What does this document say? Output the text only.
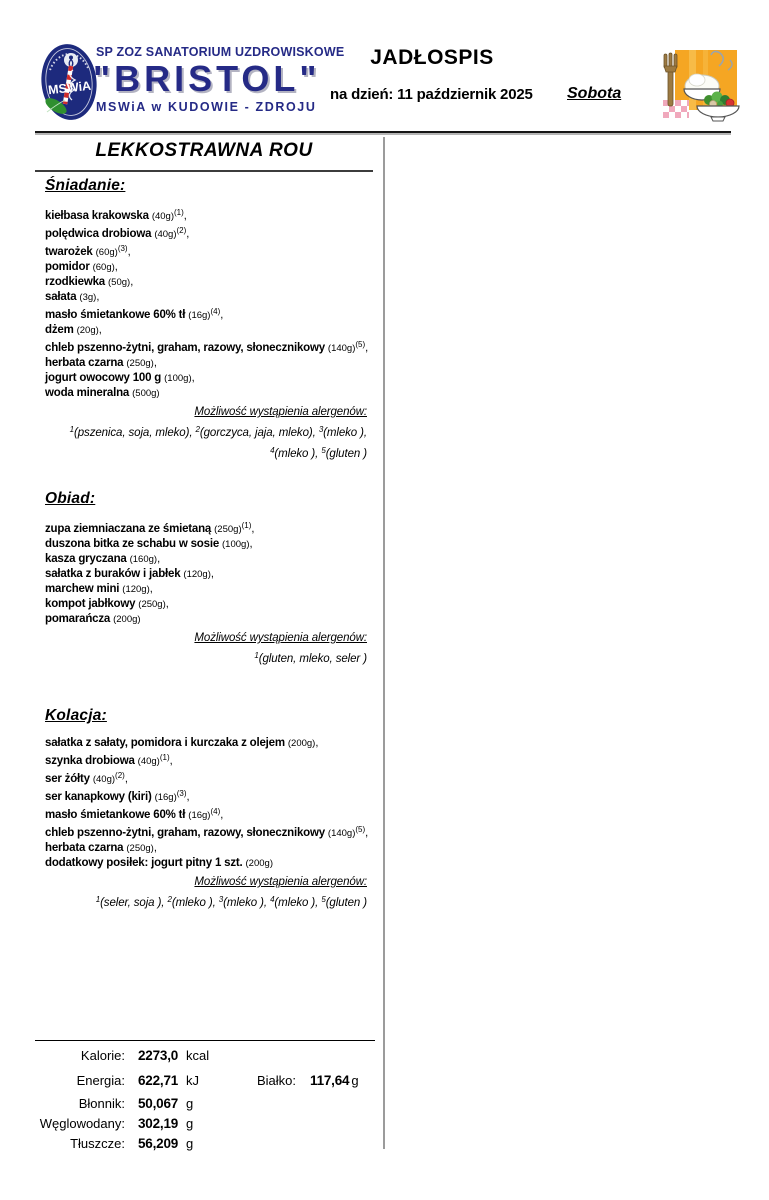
MSWiA
SP ZOZ SANATORIUM UZDROWISKOWE
"BRISTOL"
MSWiA w KUDOWIE - ZDROJU
JADŁOSPIS
na dzień: 11 październik 2025	Sobota
LEKKOSTRAWNA ROU
Śniadanie:
kiełbasa krakowska $(40g)^{(1)}$,
polędwica drobiowa $(40g)^{(2)}$,
twarożek $(60g)^{(3)}$,
pomidor (60g),
rzodkiewka (50g),
sałata (3g),
masło śmietankowe 60% tł $(16g)^{(4)}$,
dżem (20g),
chleb pszenno-żytni, graham, razowy, słonecznikowy $(140g)^{(5)}$,
herbata czarna (250g),
jogurt owocowy 100 g (100g),
woda mineralna (500g)
Możliwość wystąpienia alergenów:
$^1$(pszenica, soja, mleko), $^2$(gorczyca, jaja, mleko), $^3$(mleko ), $^4$(mleko ), $^5$(gluten )
Obiad:
zupa ziemniaczana ze śmietaną $(250g)^{(1)}$,
duszona bitka ze schabu w sosie (100g),
kasza gryczana (160g),
sałatka z buraków i jabłek (120g),
marchew mini (120g),
kompot jabłkowy (250g),
pomarańcza (200g)
Możliwość wystąpienia alergenów:
$^1$(gluten, mleko, seler )
Kolacja:
sałatka z sałaty, pomidora i kurczaka z olejem (200g),
szynka drobiowa $(40g)^{(1)}$,
ser żółty $(40g)^{(2)}$,
ser kanapkowy (kiri) $(16g)^{(3)}$,
masło śmietankowe 60% tł $(16g)^{(4)}$,
chleb pszenno-żytni, graham, razowy, słonecznikowy $(140g)^{(5)}$,
herbata czarna (250g),
dodatkowy posiłek: jogurt pitny 1 szt. (200g)
Możliwość wystąpienia alergenów:
$^1$(seler, soja ), $^2$(mleko ), $^3$(mleko ), $^4$(mleko ), $^5$(gluten )
Kalorie: 2273,0 kcal
Energia: 622,71 kJ	Białko: 117,64 g
Błonnik: 50,067 g
Węglowodany: 302,19 g
Tłuszcze: 56,209 g
